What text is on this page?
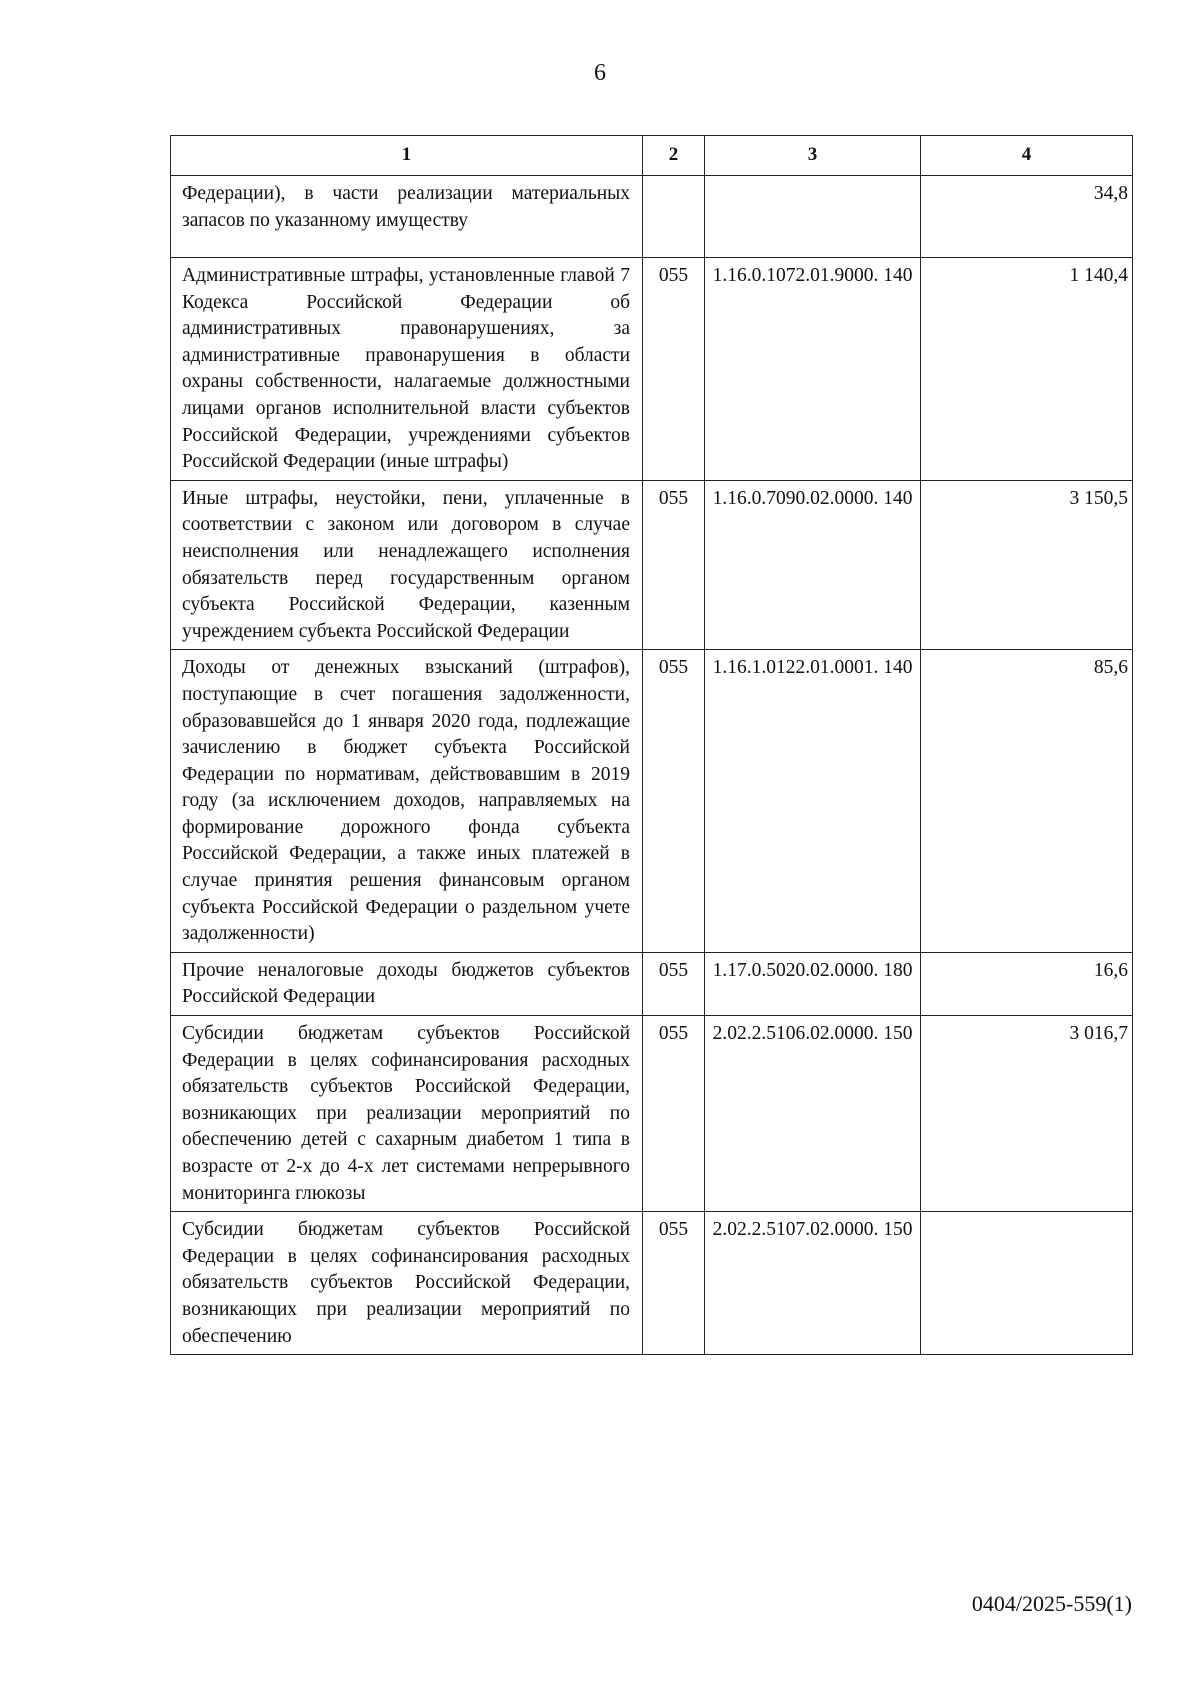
6
1	2	3	4
Федерации), в части реализации материальных запасов по указанному имуществу			34,8
Административные штрафы, установленные главой 7 Кодекса Российской Федерации об административных правонарушениях, за административные правонарушения в области охраны собственности, налагаемые должностными лицами органов исполнительной власти субъектов Российской Федерации, учреждениями субъектов Российской Федерации (иные штрафы)	055	1.16.0.1072.01.9000. 140	1 140,4
Иные штрафы, неустойки, пени, уплаченные в соответствии с законом или договором в случае неисполнения или ненадлежащего исполнения обязательств перед государственным органом субъекта Российской Федерации, казенным учреждением субъекта Российской Федерации	055	1.16.0.7090.02.0000. 140	3 150,5
Доходы от денежных взысканий (штрафов), поступающие в счет погашения задолженности, образовавшейся до 1 января 2020 года, подлежащие зачислению в бюджет субъекта Российской Федерации по нормативам, действовавшим в 2019 году (за исключением доходов, направляемых на формирование дорожного фонда субъекта Российской Федерации, а также иных платежей в случае принятия решения финансовым органом субъекта Российской Федерации о раздельном учете задолженности)	055	1.16.1.0122.01.0001. 140	85,6
Прочие неналоговые доходы бюджетов субъектов Российской Федерации	055	1.17.0.5020.02.0000. 180	16,6
Субсидии бюджетам субъектов Российской Федерации в целях софинансирования расходных обязательств субъектов Российской Федерации, возникающих при реализации мероприятий по обеспечению детей с сахарным диабетом 1 типа в возрасте от 2-х до 4-х лет системами непрерывного мониторинга глюкозы	055	2.02.2.5106.02.0000. 150	3 016,7
Субсидии бюджетам субъектов Российской Федерации в целях софинансирования расходных обязательств субъектов Российской Федерации, возникающих при реализации мероприятий по обеспечению	055	2.02.2.5107.02.0000. 150	
0404/2025-559(1)
